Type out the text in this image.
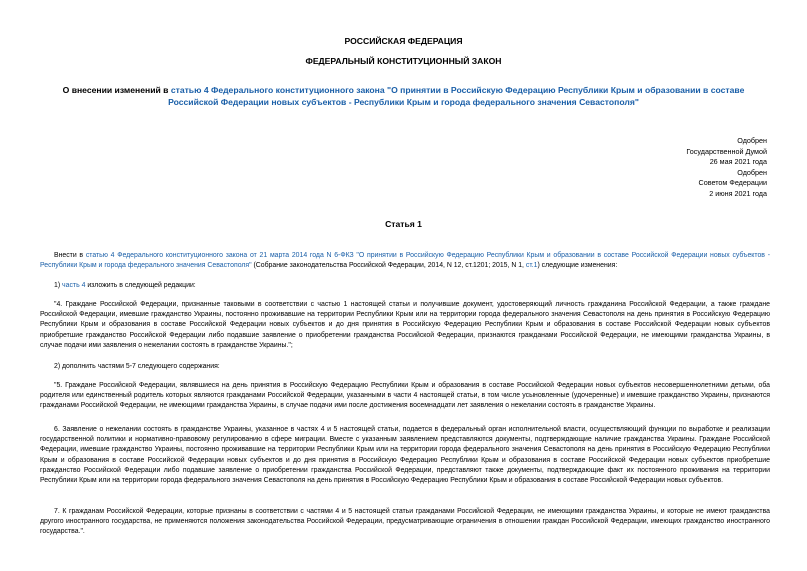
РОССИЙСКАЯ ФЕДЕРАЦИЯ
ФЕДЕРАЛЬНЫЙ КОНСТИТУЦИОННЫЙ ЗАКОН
О внесении изменений в статью 4 Федерального конституционного закона "О принятии в Российскую Федерацию Республики Крым и образовании в составе Российской Федерации новых субъектов - Республики Крым и города федерального значения Севастополя"
Одобрен
Государственной Думой
26 мая 2021 года
Одобрен
Советом Федерации
2 июня 2021 года
Статья 1

Внести в статью 4 Федерального конституционного закона от 21 марта 2014 года N 6-ФКЗ "О принятии в Российскую Федерацию Республики Крым и образовании в составе Российской Федерации новых субъектов - Республики Крым и города федерального значения Севастополя" (Собрание законодательства Российской Федерации, 2014, N 12, ст.1201; 2015, N 1, ст.1) следующие изменения:

1) часть 4 изложить в следующей редакции:

"4. Граждане Российской Федерации, признанные таковыми в соответствии с частью 1 настоящей статьи и получившие документ, удостоверяющий личность гражданина Российской Федерации, а также граждане Российской Федерации, имевшие гражданство Украины, постоянно проживавшие на территории Республики Крым или на территории города федерального значения Севастополя на день принятия в Российскую Федерацию Республики Крым и образования в составе Российской Федерации новых субъектов и до дня принятия в Российскую Федерацию Республики Крым и образования в составе Российской Федерации новых субъектов приобретшие гражданство Российской Федерации либо подавшие заявление о приобретении гражданства Российской Федерации, признаются гражданами Российской Федерации, не имеющими гражданства Украины, в случае подачи ими заявления о нежелании состоять в гражданстве Украины.";

2) дополнить частями 5-7 следующего содержания:

"5. Граждане Российской Федерации, являвшиеся на день принятия в Российскую Федерацию Республики Крым и образования в составе Российской Федерации новых субъектов несовершеннолетними детьми, оба родителя или единственный родитель которых являются гражданами Российской Федерации, указанными в части 4 настоящей статьи, в том числе усыновленные (удочеренные) и имевшие гражданство Украины, признаются гражданами Российской Федерации, не имеющими гражданства Украины, в случае подачи ими после достижения восемнадцати лет заявления о нежелании состоять в гражданстве Украины.

6. Заявление о нежелании состоять в гражданстве Украины, указанное в частях 4 и 5 настоящей статьи, подается в федеральный орган исполнительной власти, осуществляющий функции по выработке и реализации государственной политики и нормативно-правовому регулированию в сфере миграции. Вместе с указанным заявлением представляются документы, подтверждающие наличие гражданства Украины. Граждане Российской Федерации, имевшие гражданство Украины, постоянно проживавшие на территории Республики Крым или на территории города федерального значения Севастополя на день принятия в Российскую Федерацию Республики Крым и образования в составе Российской Федерации новых субъектов и до дня принятия в Российскую Федерацию Республики Крым и образования в составе Российской Федерации новых субъектов приобретшие гражданство Российской Федерации либо подавшие заявление о приобретении гражданства Российской Федерации, представляют также документы, подтверждающие факт их постоянного проживания на территории Республики Крым или на территории города федерального значения Севастополя на день принятия в Российскую Федерацию Республики Крым и образования в составе Российской Федерации новых субъектов.

7. К гражданам Российской Федерации, которые признаны в соответствии с частями 4 и 5 настоящей статьи гражданами Российской Федерации, не имеющими гражданства Украины, и которые не имеют гражданства другого иностранного государства, не применяются положения законодательства Российской Федерации, предусматривающие ограничения в отношении граждан Российской Федерации, имеющих гражданство иностранного государства.".
